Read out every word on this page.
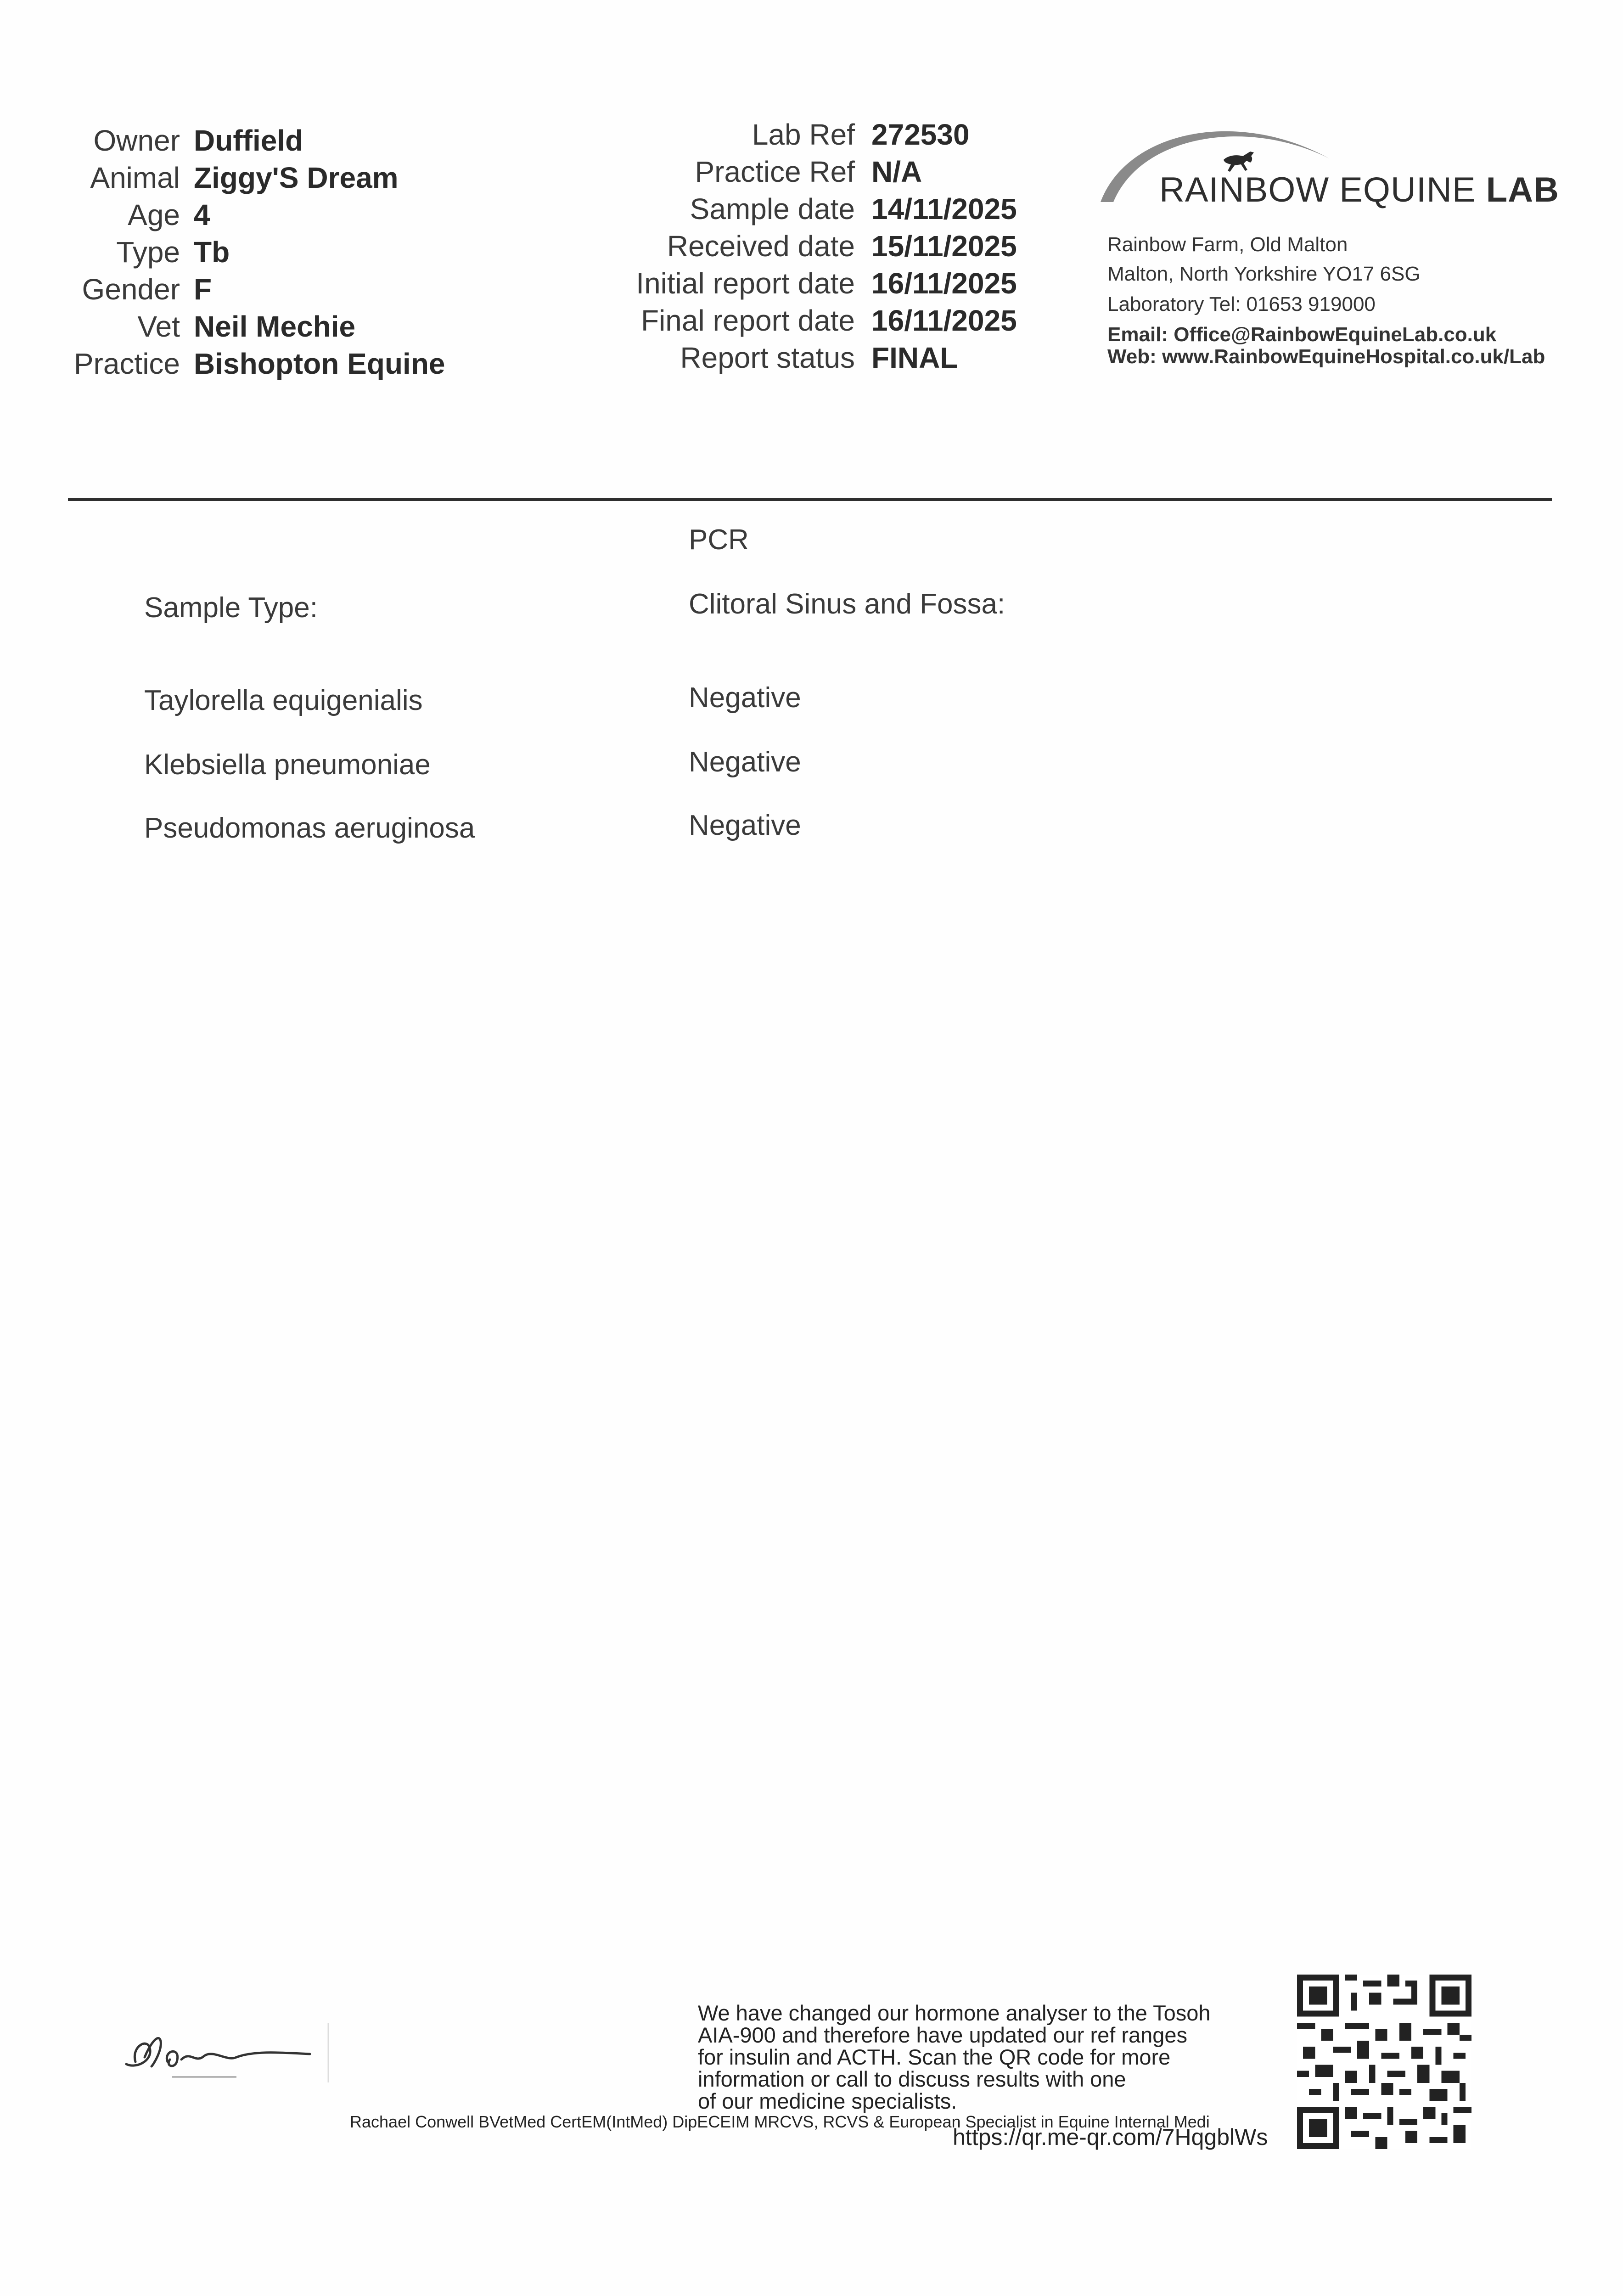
Owner Duffield
Animal Ziggy'S Dream
Age 4
Type Tb
Gender F
Vet Neil Mechie
Practice Bishopton Equine
Lab Ref 272530
Practice Ref N/A
Sample date 14/11/2025
Received date 15/11/2025
Initial report date 16/11/2025
Final report date 16/11/2025
Report status FINAL
RAINBOW EQUINE LAB
Rainbow Farm, Old Malton
Malton, North Yorkshire YO17 6SG
Laboratory Tel: 01653 919000
Email: Office@RainbowEquineLab.co.uk
Web: www.RainbowEquineHospital.co.uk/Lab
PCR
Sample Type:	Clitoral Sinus and Fossa:
Taylorella equigenialis	Negative
Klebsiella pneumoniae	Negative
Pseudomonas aeruginosa	Negative
We have changed our hormone analyser to the Tosoh
AIA-900 and therefore have updated our ref ranges
for insulin and ACTH. Scan the QR code for more
information or call to discuss results with one
of our medicine specialists.
Rachael Conwell BVetMed CertEM(IntMed) DipECEIM MRCVS, RCVS & European Specialist in Equine Internal Medi
https://qr.me-qr.com/7HqgblWs
